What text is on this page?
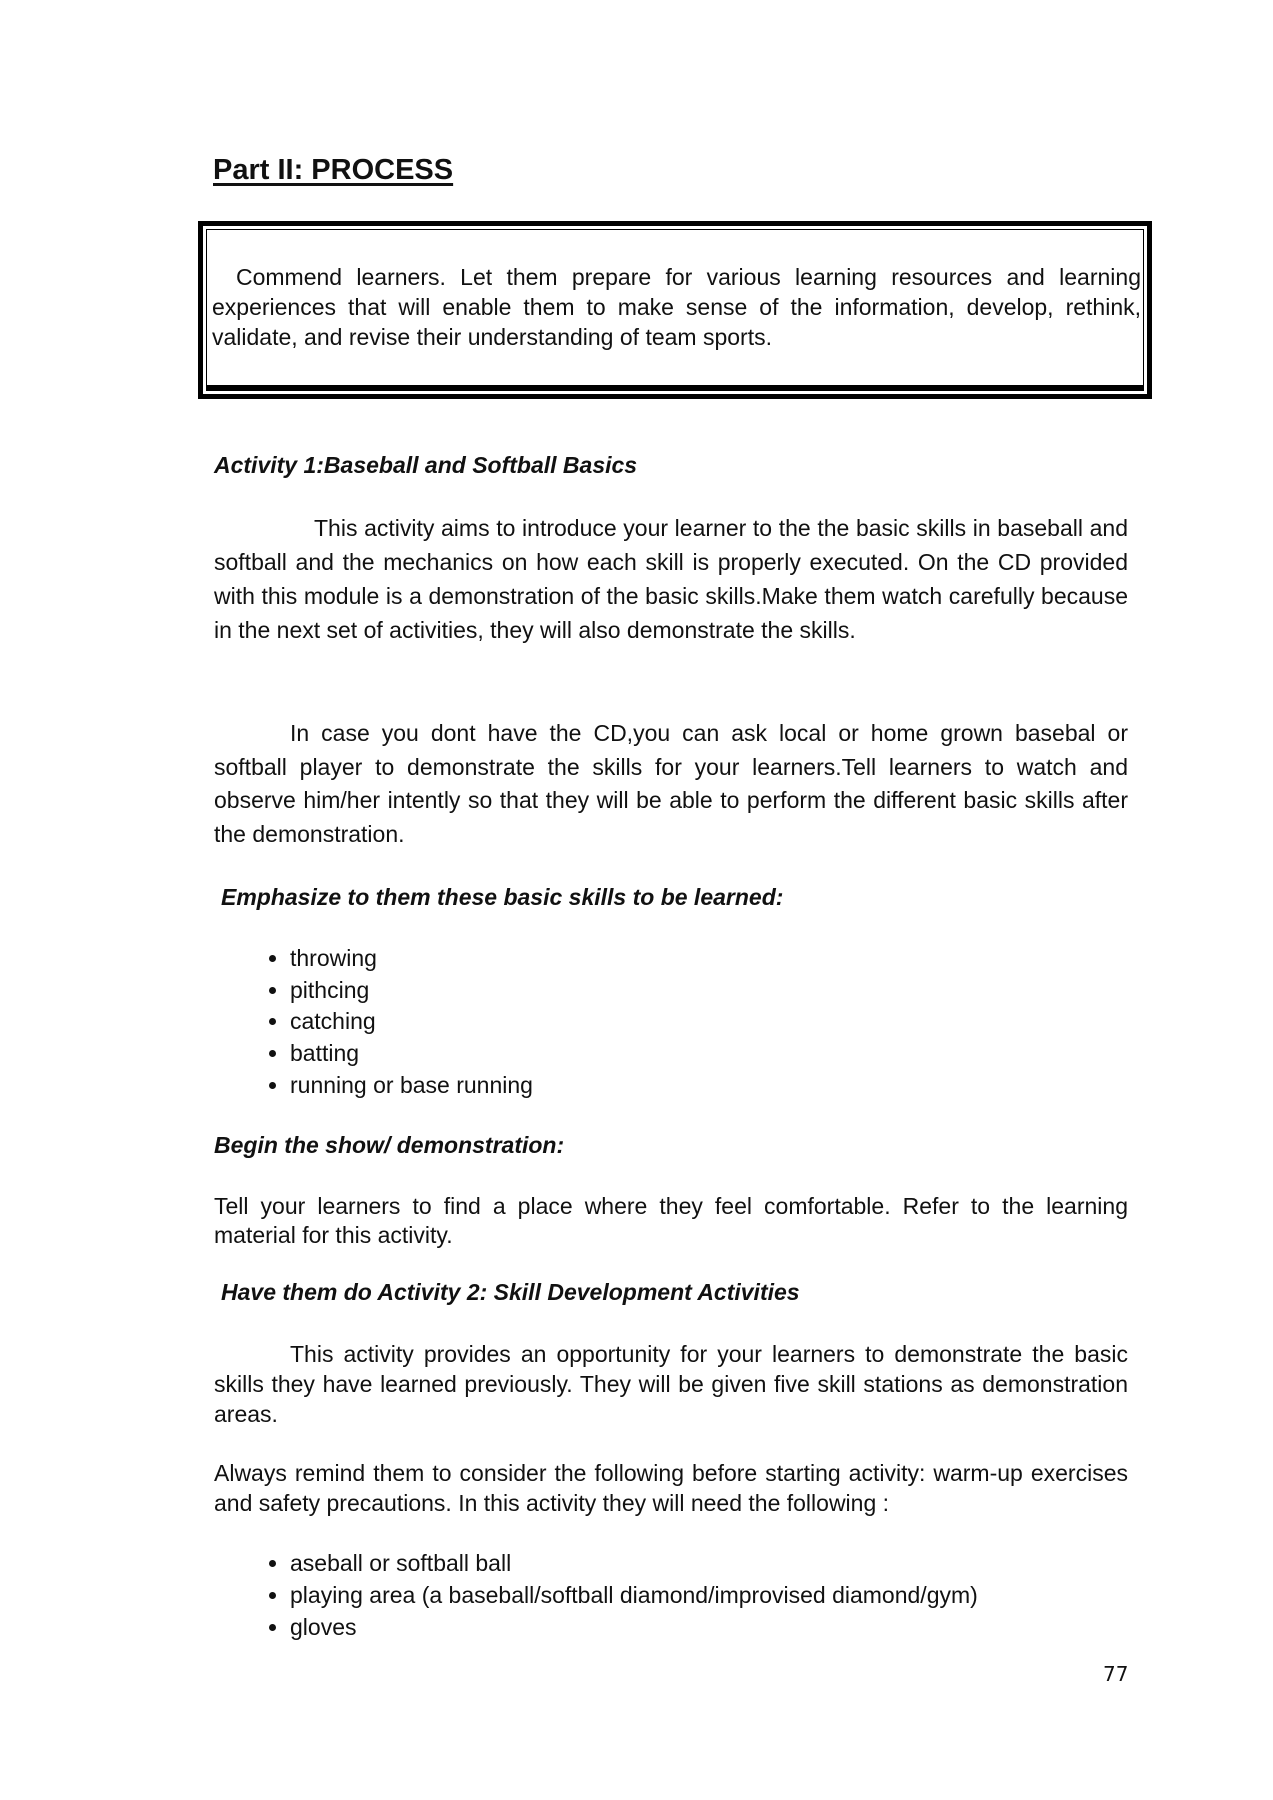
Part II: PROCESS
Commend learners. Let them prepare for various learning resources and learning experiences that will enable them to make sense of the information, develop, rethink, validate, and revise their understanding of team sports.
Activity 1:Baseball and Softball Basics

This activity aims to introduce your learner to the the basic skills in baseball and softball and the mechanics on how each skill is properly executed. On the CD provided with this module is a demonstration of the basic skills.Make them watch carefully because in the next set of activities, they will also demonstrate the skills.

In case you dont have the CD,you can ask local or home grown basebal or softball player to demonstrate the skills for your learners.Tell learners to watch and observe him/her intently so that they will be able to perform the different basic skills after the demonstration.

Emphasize to them these basic skills to be learned:
• throwing
• pithcing
• catching
• batting
• running or base running
Begin the show/ demonstration:

Tell your learners to find a place where they feel comfortable. Refer to the learning material for this activity.

Have them do Activity 2: Skill Development Activities

This activity provides an opportunity for your learners to demonstrate the basic skills they have learned previously. They will be given five skill stations as demonstration areas.

Always remind them to consider the following before starting activity: warm-up exercises and safety precautions. In this activity they will need the following :

• aseball or softball ball
• playing area (a baseball/softball diamond/improvised diamond/gym)
• gloves
77
